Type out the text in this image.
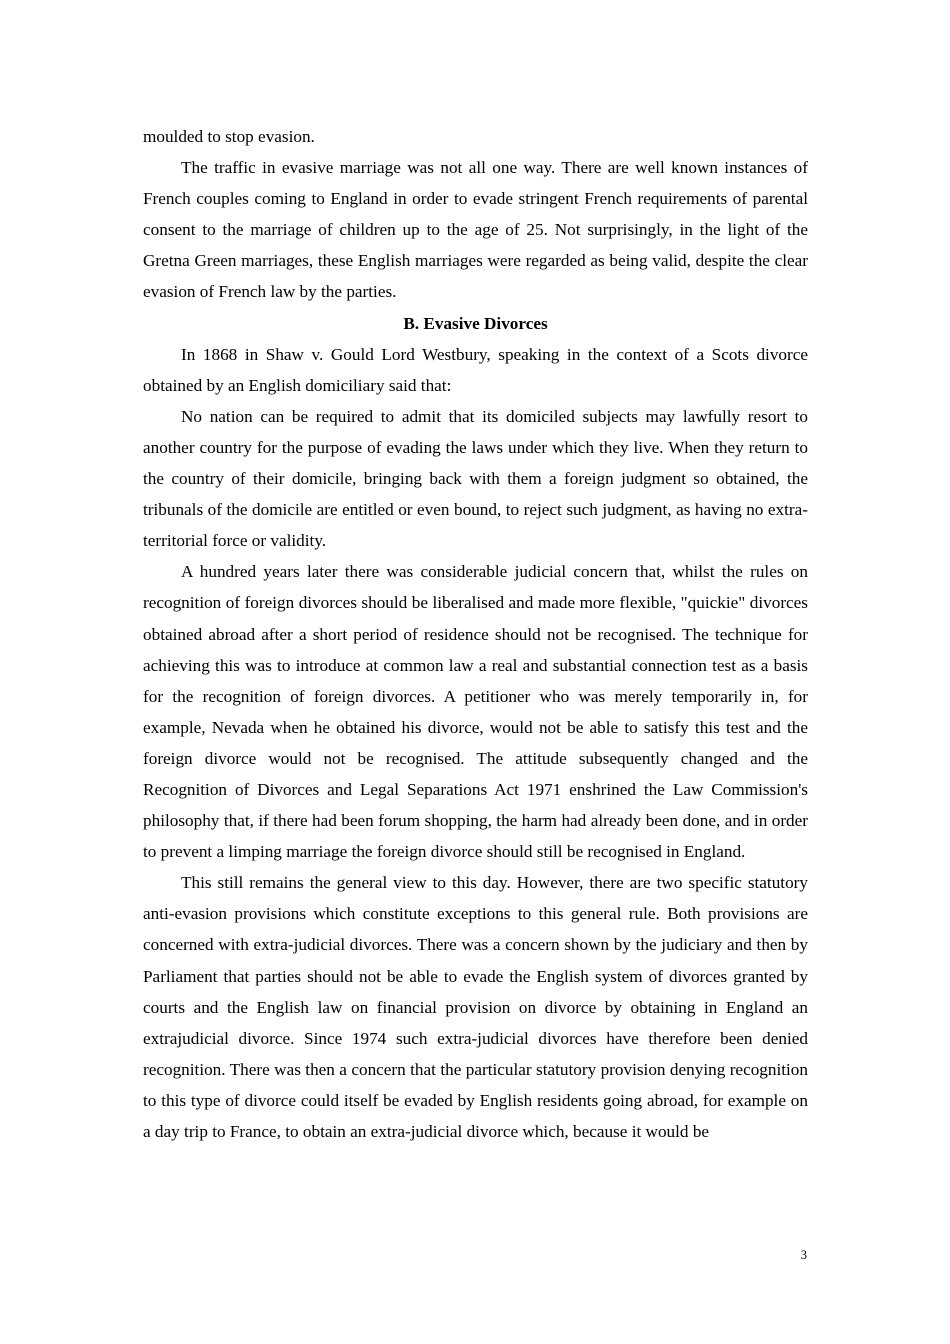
moulded to stop evasion.

The traffic in evasive marriage was not all one way. There are well known instances of French couples coming to England in order to evade stringent French requirements of parental consent to the marriage of children up to the age of 25. Not surprisingly, in the light of the Gretna Green marriages, these English marriages were regarded as being valid, despite the clear evasion of French law by the parties.

B. Evasive Divorces

In 1868 in Shaw v. Gould Lord Westbury, speaking in the context of a Scots divorce obtained by an English domiciliary said that:

No nation can be required to admit that its domiciled subjects may lawfully resort to another country for the purpose of evading the laws under which they live. When they return to the country of their domicile, bringing back with them a foreign judgment so obtained, the tribunals of the domicile are entitled or even bound, to reject such judgment, as having no extra-territorial force or validity.

A hundred years later there was considerable judicial concern that, whilst the rules on recognition of foreign divorces should be liberalised and made more flexible, "quickie" divorces obtained abroad after a short period of residence should not be recognised. The technique for achieving this was to introduce at common law a real and substantial connection test as a basis for the recognition of foreign divorces. A petitioner who was merely temporarily in, for example, Nevada when he obtained his divorce, would not be able to satisfy this test and the foreign divorce would not be recognised. The attitude subsequently changed and the Recognition of Divorces and Legal Separations Act 1971 enshrined the Law Commission's philosophy that, if there had been forum shopping, the harm had already been done, and in order to prevent a limping marriage the foreign divorce should still be recognised in England.

This still remains the general view to this day. However, there are two specific statutory anti-evasion provisions which constitute exceptions to this general rule. Both provisions are concerned with extra-judicial divorces. There was a concern shown by the judiciary and then by Parliament that parties should not be able to evade the English system of divorces granted by courts and the English law on financial provision on divorce by obtaining in England an extrajudicial divorce. Since 1974 such extra-judicial divorces have therefore been denied recognition. There was then a concern that the particular statutory provision denying recognition to this type of divorce could itself be evaded by English residents going abroad, for example on a day trip to France, to obtain an extra-judicial divorce which, because it would be

3
